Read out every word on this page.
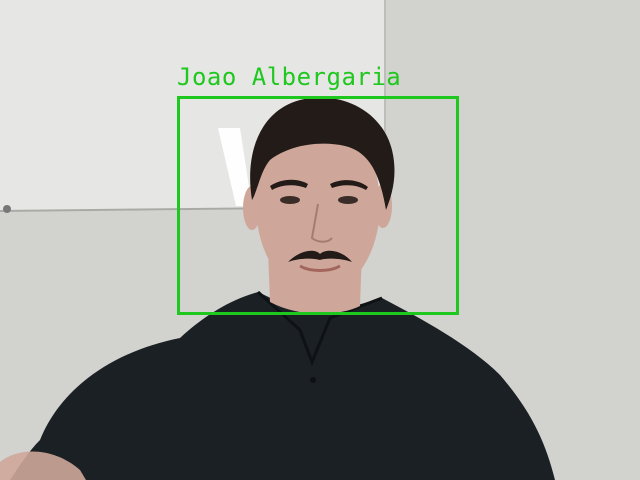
Joao Albergaria
